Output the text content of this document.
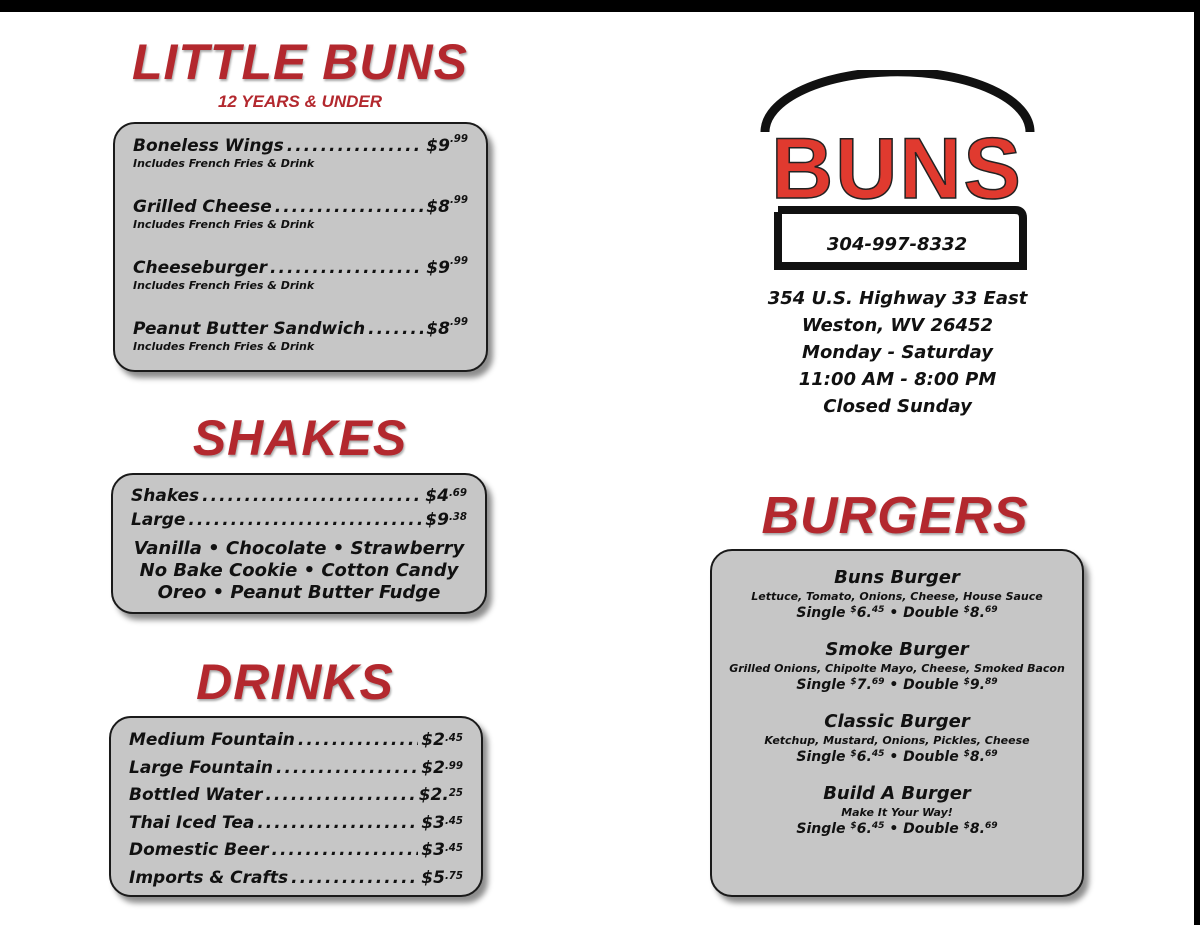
LITTLE BUNS
12 YEARS & UNDER
Boneless Wings .....	$\$9^{.99}$
Includes French Fries & Drink
Grilled Cheese .....	$\$8^{.99}$
Includes French Fries & Drink
Cheeseburger .....	$\$9^{.99}$
Includes French Fries & Drink
Peanut Butter Sandwich .....	$\$8^{.99}$
Includes French Fries & Drink
SHAKES
Shakes .....	$\$4^{.69}$
Large .....	$\$9^{.38}$
Vanilla • Chocolate • Strawberry
No Bake Cookie • Cotton Candy
Oreo • Peanut Butter Fudge
DRINKS
Medium Fountain .....	$\$2^{.45}$
Large Fountain .....	$\$2^{.99}$
Bottled Water .....	$2.25
Thai Iced Tea .....	$\$3^{.45}$
Domestic Beer .....	$\$3^{.45}$
Imports & Crafts .....	$\$5^{.75}$
BUNS
304-997-8332
354 U.S. Highway 33 East
Weston, WV 26452
Monday - Saturday
11:00 AM - 8:00 PM
Closed Sunday
BURGERS
Buns Burger
Lettuce, Tomato, Onions, Cheese, House Sauce
Single $6.45 • Double $8.69
Smoke Burger
Grilled Onions, Chipolte Mayo, Cheese, Smoked Bacon
Single $7.69 • Double $9.89
Classic Burger
Ketchup, Mustard, Onions, Pickles, Cheese
Single $6.45 • Double $8.69
Build A Burger
Make It Your Way!
Single $6.45 • Double $8.69
